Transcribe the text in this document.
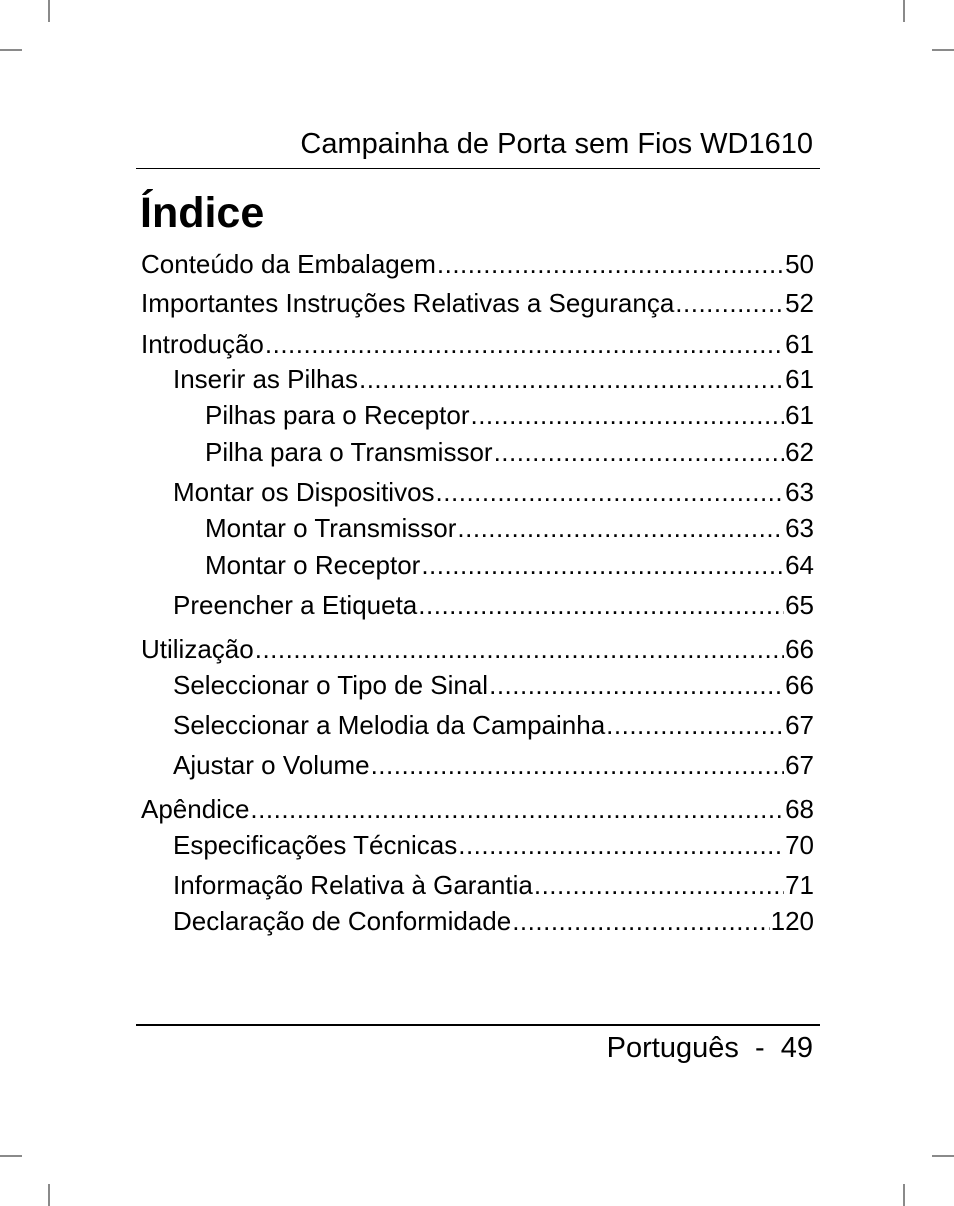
Campainha de Porta sem Fios WD1610
Índice
Conteúdo da Embalagem .....	50
Importantes Instruções Relativas a Segurança .....	52
Introdução .....	61
Inserir as Pilhas .....	61
Pilhas para o Receptor .....	61
Pilha para o Transmissor .....	62
Montar os Dispositivos .....	63
Montar o Transmissor .....	63
Montar o Receptor .....	64
Preencher a Etiqueta .....	65
Utilização .....	66
Seleccionar o Tipo de Sinal .....	66
Seleccionar a Melodia da Campainha .....	67
Ajustar o Volume .....	67
Apêndice .....	68
Especificações Técnicas .....	70
Informação Relativa à Garantia .....	71
Declaração de Conformidade .....	120
Português  -  49
